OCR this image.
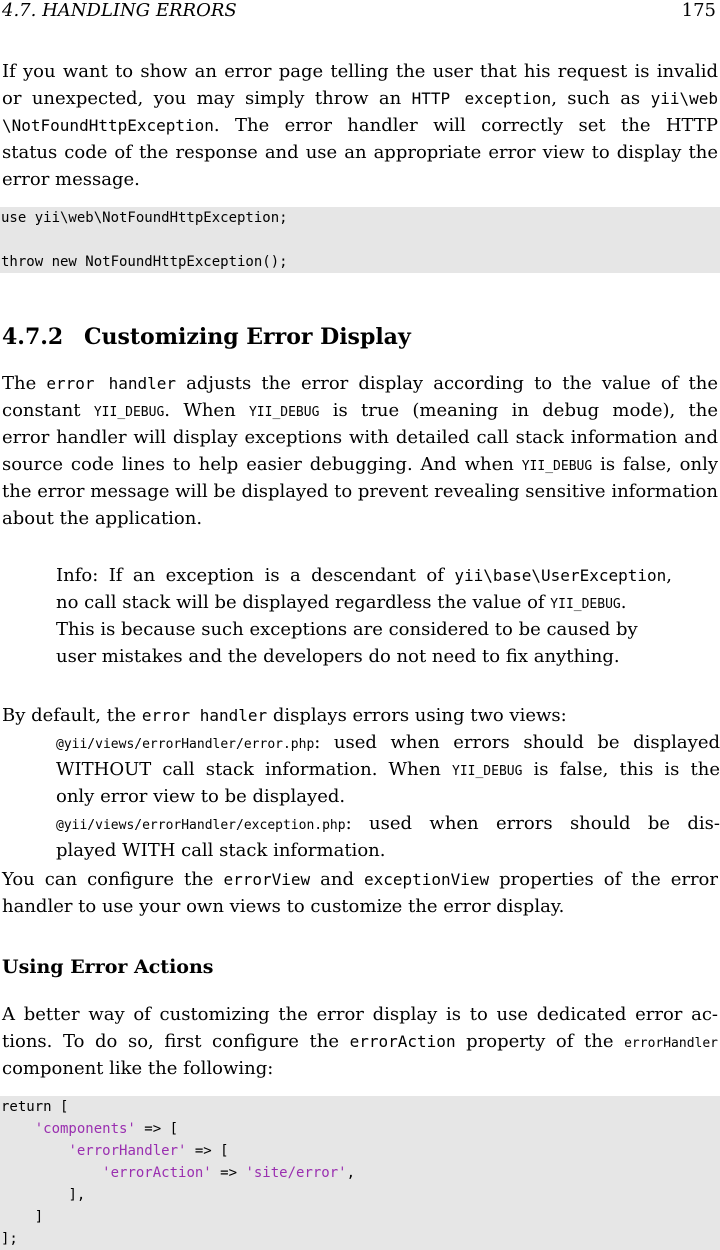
4.7. HANDLING ERRORS	175
If you want to show an error page telling the user that his request is invalid
or unexpected, you may simply throw an HTTP exception, such as yii\web
\NotFoundHttpException. The error handler will correctly set the HTTP
status code of the response and use an appropriate error view to display the
error message.
use yii\web\NotFoundHttpException;
throw new NotFoundHttpException();
4.7.2 Customizing Error Display
The error handler adjusts the error display according to the value of the
constant YII_DEBUG. When YII_DEBUG is true (meaning in debug mode), the
error handler will display exceptions with detailed call stack information and
source code lines to help easier debugging. And when YII_DEBUG is false, only
the error message will be displayed to prevent revealing sensitive information
about the application.
Info: If an exception is a descendant of yii\base\UserException,
no call stack will be displayed regardless the value of YII_DEBUG.
This is because such exceptions are considered to be caused by
user mistakes and the developers do not need to fix anything.
By default, the error handler displays errors using two views:
@yii/views/errorHandler/error.php: used when errors should be displayed
WITHOUT call stack information. When YII_DEBUG is false, this is the
only error view to be displayed.
@yii/views/errorHandler/exception.php: used when errors should be dis-
played WITH call stack information.
You can configure the errorView and exceptionView properties of the error
handler to use your own views to customize the error display.
Using Error Actions
A better way of customizing the error display is to use dedicated error ac-
tions. To do so, first configure the errorAction property of the errorHandler
component like the following:
return [
'components' => [
'errorHandler' => [
'errorAction' => 'site/error',
],
]
];
